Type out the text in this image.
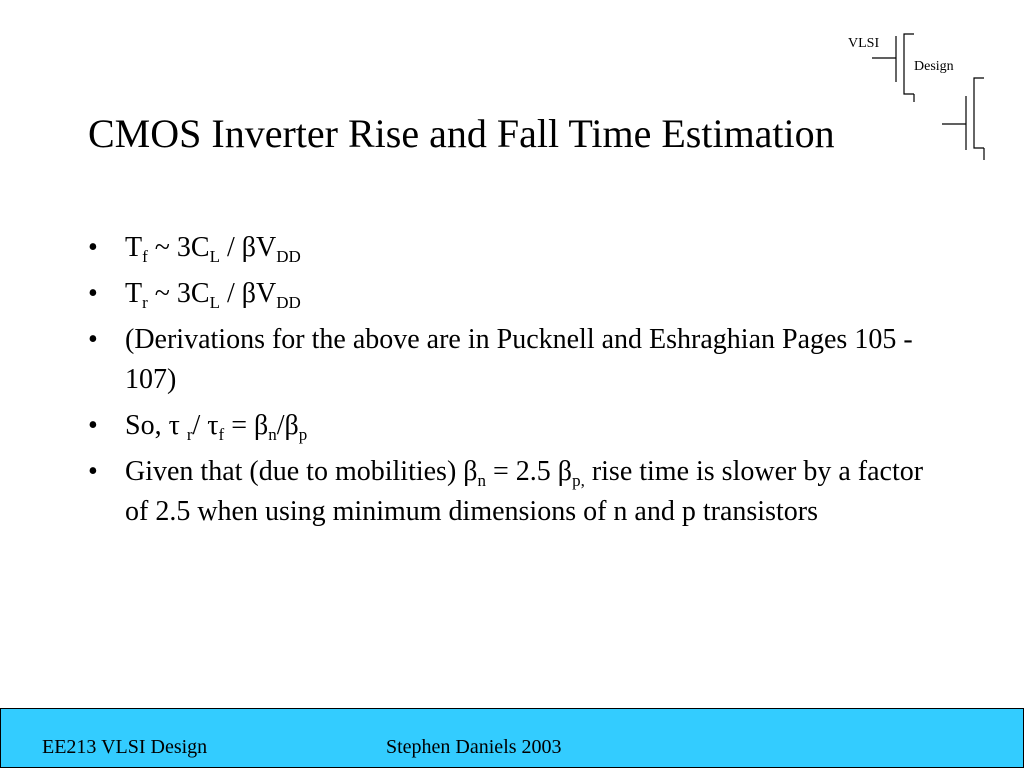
VLSI
Design
CMOS Inverter Rise and Fall Time Estimation
• $T_f$ ~ $3C_L / \beta V_{DD}$
• $T_r$ ~ $3C_L / \beta V_{DD}$
• (Derivations for the above are in Pucknell and Eshraghian Pages 105 - 107)
• So, τ $_r$/ $\tau_f = \beta_n/\beta_p$
• Given that (due to mobilities) $\beta_n = 2.5$ $\beta_{p,}$ rise time is slower by a factor of 2.5 when using minimum dimensions of n and p transistors
EE213 VLSI Design	Stephen Daniels 2003
